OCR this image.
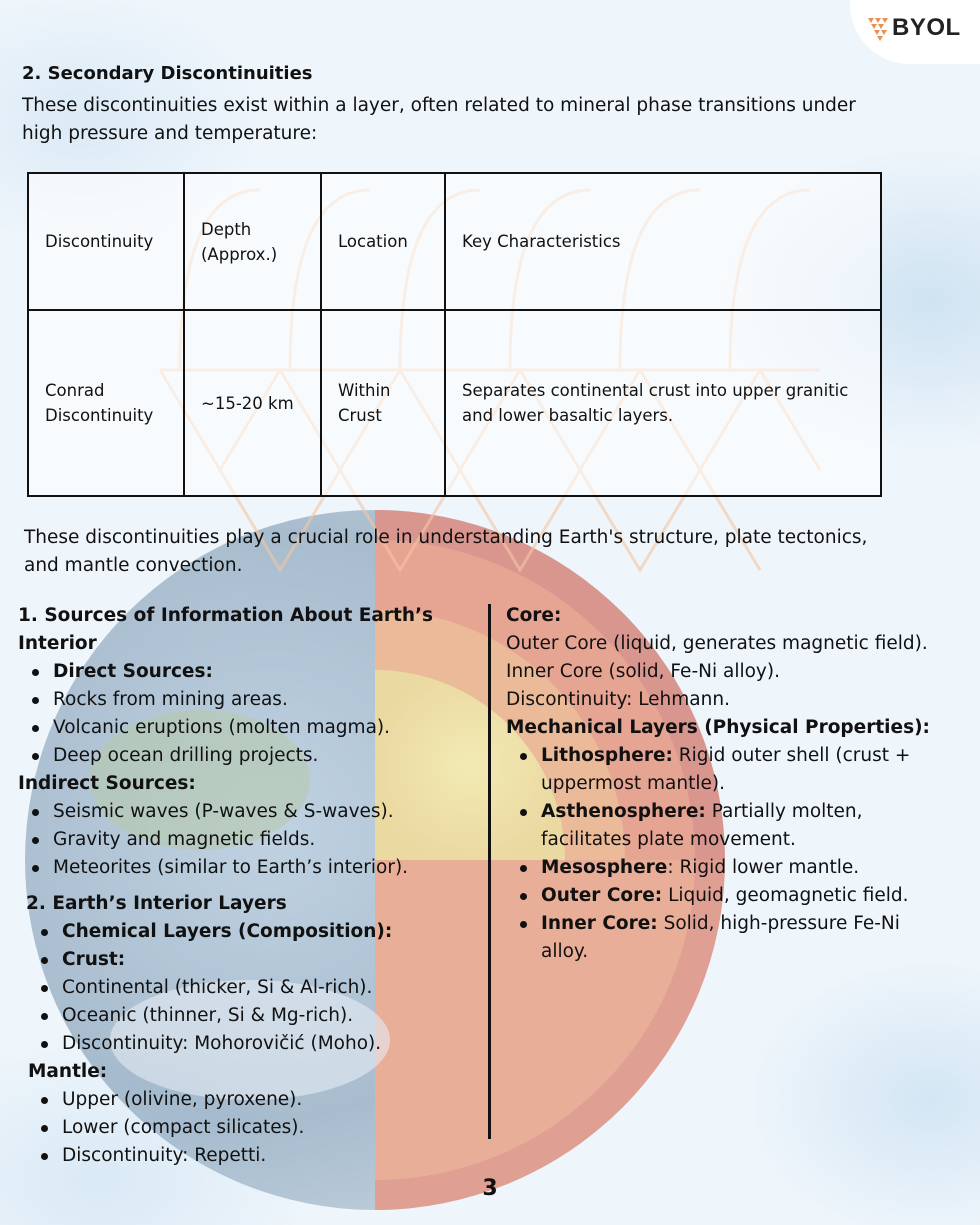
BYOL
2. Secondary Discontinuities
These discontinuities exist within a layer, often related to mineral phase transitions under high pressure and temperature:
Discontinuity	Depth (Approx.)	Location	Key Characteristics
Conrad Discontinuity	~15-20 km	Within Crust	Separates continental crust into upper granitic and lower basaltic layers.
These discontinuities play a crucial role in understanding Earth's structure, plate tectonics, and mantle convection.
1. Sources of Information About Earth’s Interior
Direct Sources:
Rocks from mining areas.
Volcanic eruptions (molten magma).
Deep ocean drilling projects.
Indirect Sources:
Seismic waves (P-waves & S-waves).
Gravity and magnetic fields.
Meteorites (similar to Earth’s interior).
2. Earth’s Interior Layers
Chemical Layers (Composition):
Crust:
Continental (thicker, Si & Al-rich).
Oceanic (thinner, Si & Mg-rich).
Discontinuity: Mohorovičić (Moho).
Mantle:
Upper (olivine, pyroxene).
Lower (compact silicates).
Discontinuity: Repetti.
Core:
Outer Core (liquid, generates magnetic field).
Inner Core (solid, Fe-Ni alloy).
Discontinuity: Lehmann.
Mechanical Layers (Physical Properties):
Lithosphere: Rigid outer shell (crust + uppermost mantle).
Asthenosphere: Partially molten, facilitates plate movement.
Mesosphere: Rigid lower mantle.
Outer Core: Liquid, geomagnetic field.
Inner Core: Solid, high-pressure Fe-Ni alloy.
3
